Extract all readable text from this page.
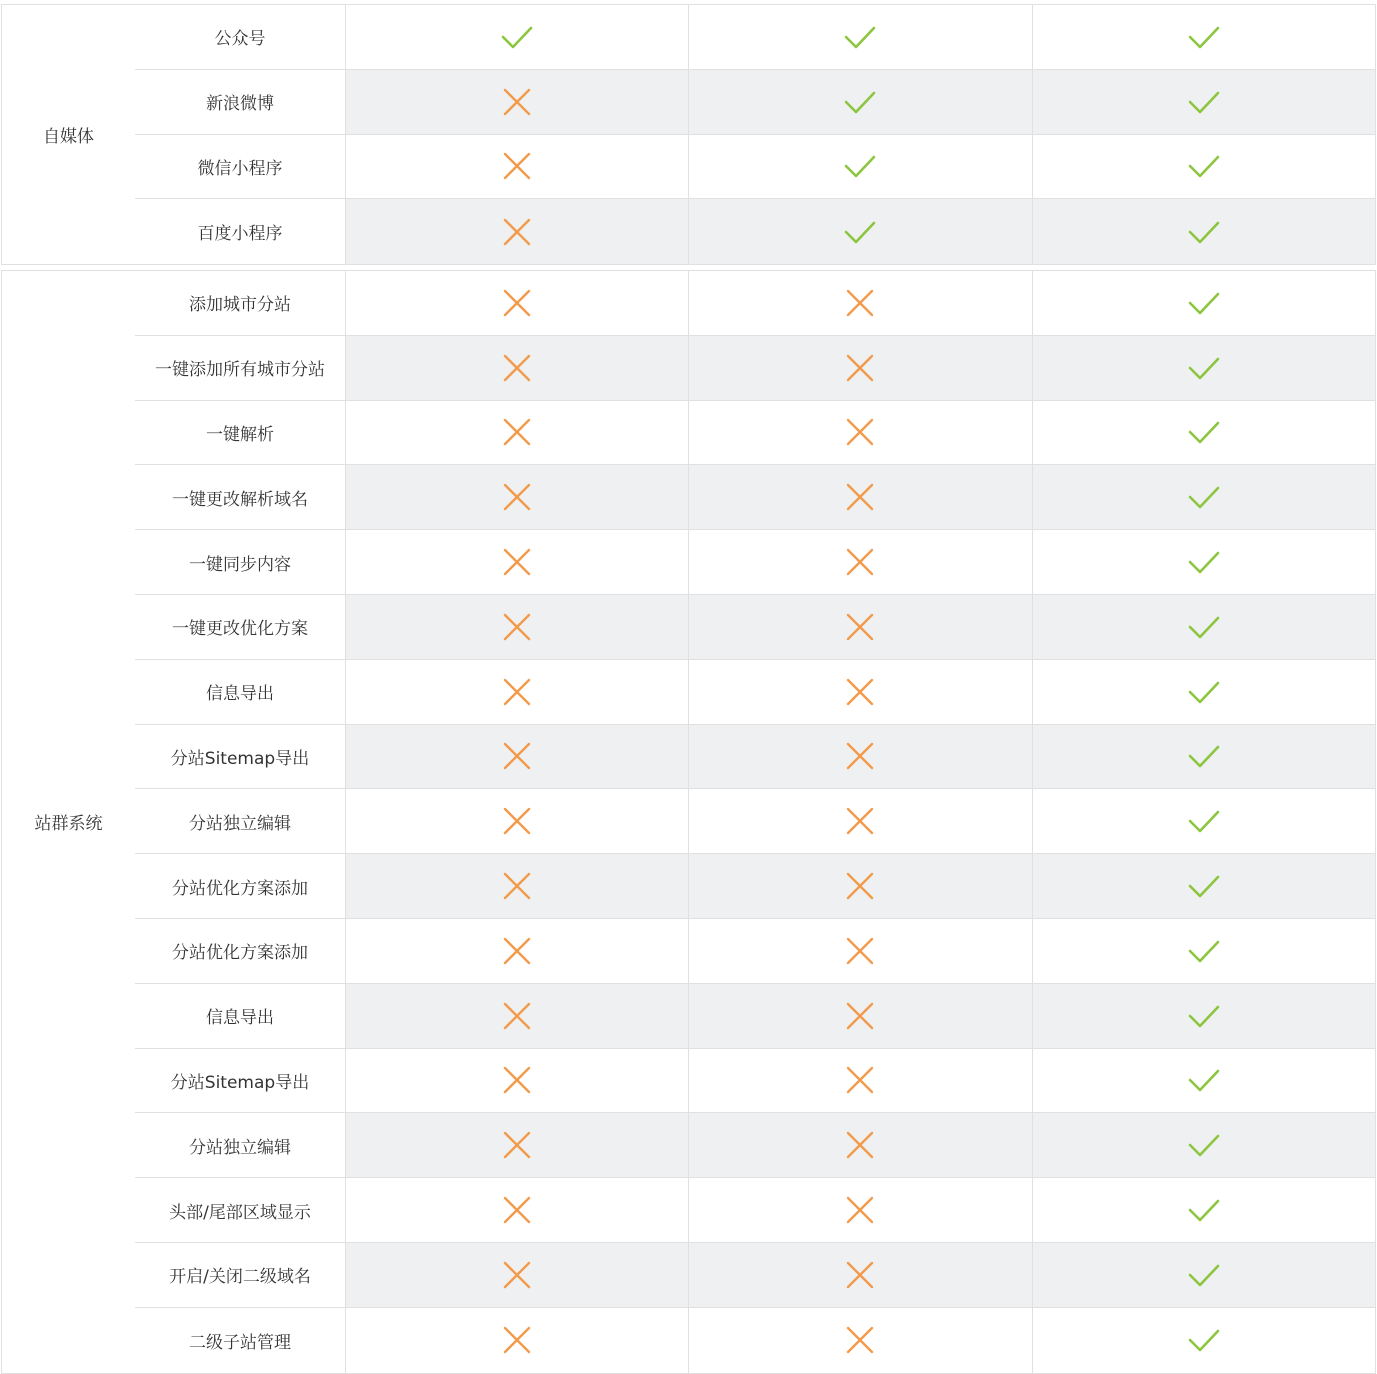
自媒体
公众号
新浪微博
微信小程序
百度小程序
站群系统
添加城市分站
一键添加所有城市分站
一键解析
一键更改解析域名
一键同步内容
一键更改优化方案
信息导出
分站Sitemap导出
分站独立编辑
分站优化方案添加
分站优化方案添加
信息导出
分站Sitemap导出
分站独立编辑
头部/尾部区域显示
开启/关闭二级域名
二级子站管理
